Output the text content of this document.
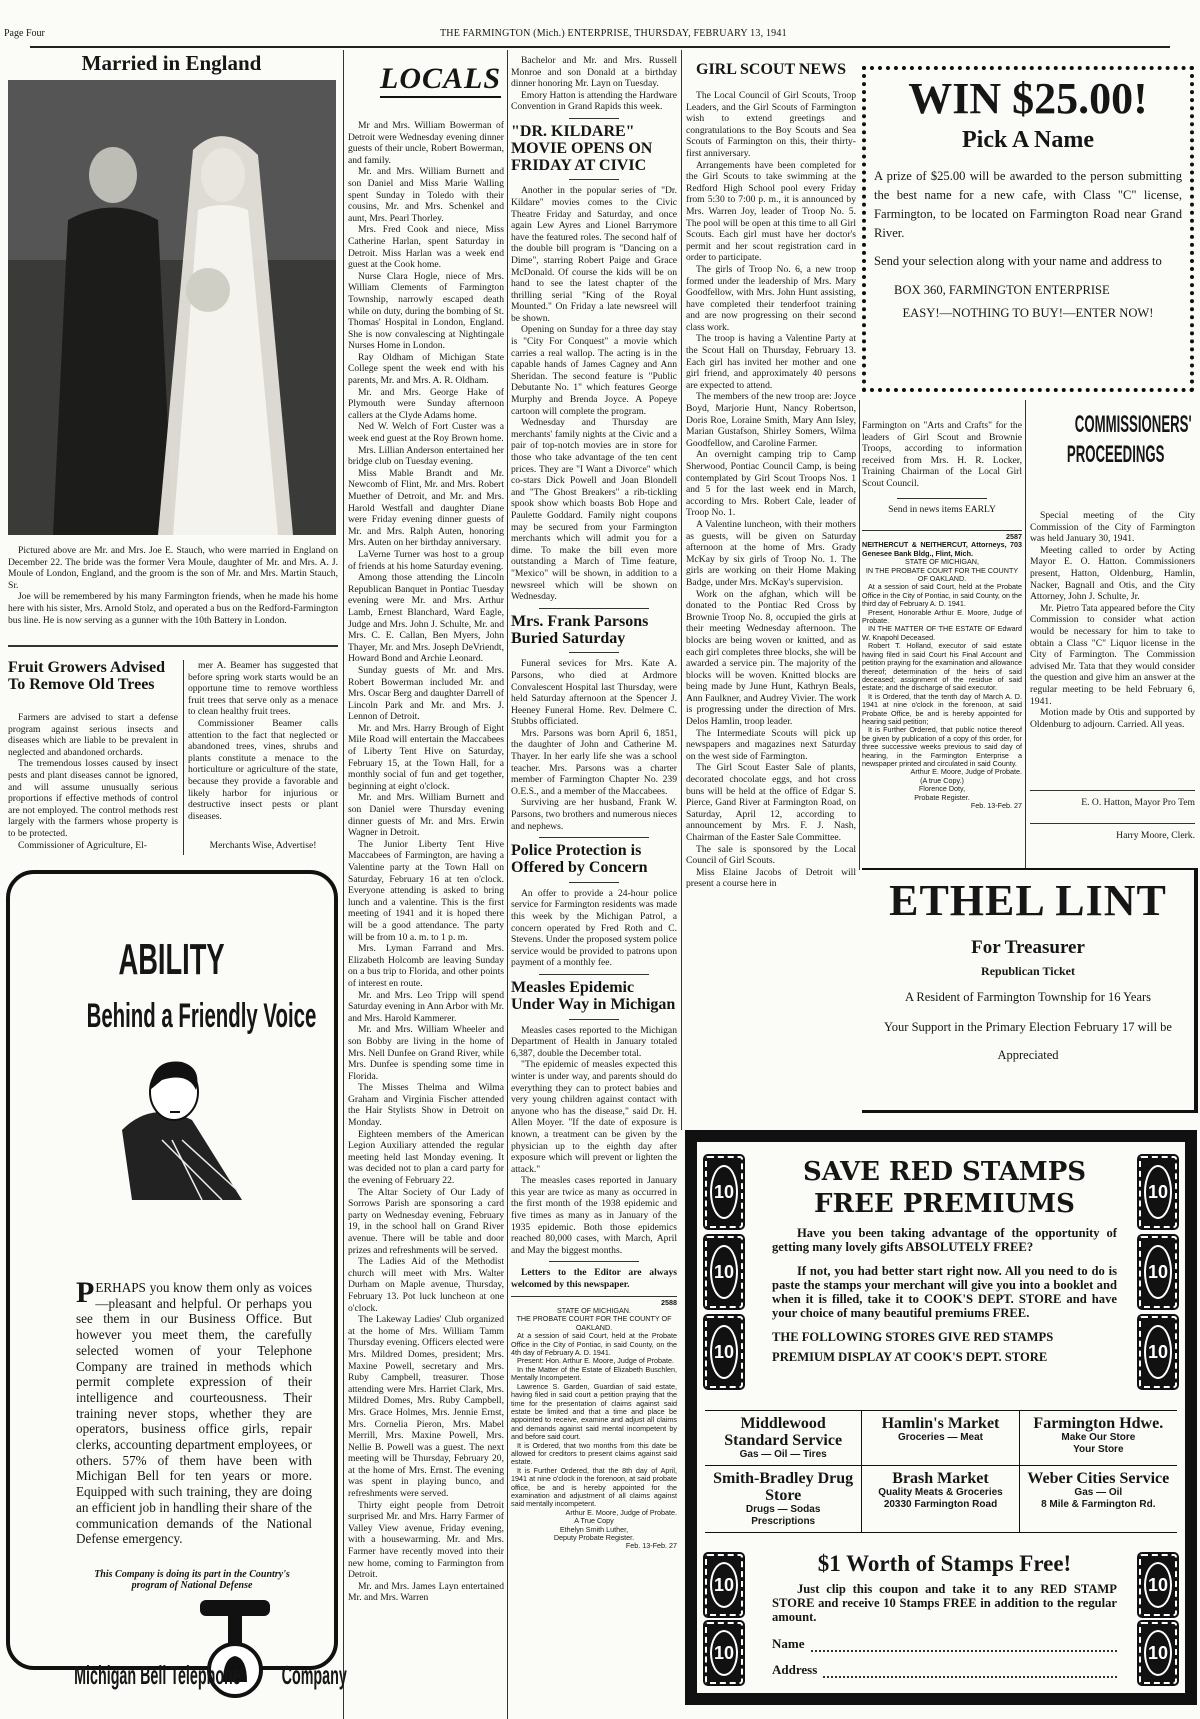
Page Four	THE FARMINGTON (Mich.) ENTERPRISE, THURSDAY, FEBRUARY 13, 1941
Married in England

Pictured above are Mr. and Mrs. Joe E. Stauch, who were married in England on December 22. The bride was the former Vera Moule, daughter of Mr. and Mrs. A. J. Moule of London, England, and the groom is the son of Mr. and Mrs. Martin Stauch, Sr.

Joe will be remembered by his many Farmington friends, when he made his home here with his sister, Mrs. Arnold Stolz, and operated a bus on the Redford-Farmington bus line. He is now serving as a gunner with the 10th Battery in London.

Fruit Growers Advised To Remove Old Trees

Farmers are advised to start a defense program against serious insects and diseases which are liable to be prevalent in neglected and abandoned orchards.

The tremendous losses caused by insect pests and plant diseases cannot be ignored, and will assume unusually serious proportions if effective methods of control are not employed. The control methods rest largely with the farmers whose property is to be protected.

Commissioner of Agriculture, El-

mer A. Beamer has suggested that before spring work starts would be an opportune time to remove worthless fruit trees that serve only as a menace to clean healthy fruit trees.

Commissioner Beamer calls attention to the fact that neglected or abandoned trees, vines, shrubs and plants constitute a menace to the horticulture or agriculture of the state, because they provide a favorable and likely harbor for injurious or destructive insect pests or plant diseases.

Merchants Wise, Advertise!
ABILITY
Behind a Friendly Voice
PERHAPS you know them only as voices —pleasant and helpful. Or perhaps you see them in our Business Office. But however you meet them, the carefully selected women of your Telephone Company are trained in methods which permit complete expression of their intelligence and courteousness. Their training never stops, whether they are operators, business office girls, repair clerks, accounting department employees, or others. 57% of them have been with Michigan Bell for ten years or more. Equipped with such training, they are doing an efficient job in handling their share of the communication demands of the National Defense emergency.
This Company is doing its part in the Country's program of National Defense
Michigan Bell Telephone	Company
LOCALS

Mr and Mrs. William Bowerman of Detroit were Wednesday evening dinner guests of their uncle, Robert Bowerman, and family.

Mr. and Mrs. William Burnett and son Daniel and Miss Marie Walling spent Sunday in Toledo with their cousins, Mr. and Mrs. Schenkel and aunt, Mrs. Pearl Thorley.

Mrs. Fred Cook and niece, Miss Catherine Harlan, spent Saturday in Detroit. Miss Harlan was a week end guest at the Cook home.

Nurse Clara Hogle, niece of Mrs. William Clements of Farmington Township, narrowly escaped death while on duty, during the bombing of St. Thomas' Hospital in London, England. She is now convalescing at Nightingale Nurses Home in London.

Ray Oldham of Michigan State College spent the week end with his parents, Mr. and Mrs. A. R. Oldham.

Mr. and Mrs. George Hake of Plymouth were Sunday afternoon callers at the Clyde Adams home.

Ned W. Welch of Fort Custer was a week end guest at the Roy Brown home.

Mrs. Lillian Anderson entertained her bridge club on Tuesday evening.

Miss Mable Brandt and Mr. Newcomb of Flint, Mr. and Mrs. Robert Muether of Detroit, and Mr. and Mrs. Harold Westfall and daughter Diane were Friday evening dinner guests of Mr. and Mrs. Ralph Auten, honoring Mrs. Auten on her birthday anniversary.

LaVerne Turner was host to a group of friends at his home Saturday evening.

Among those attending the Lincoln Republican Banquet in Pontiac Tuesday evening were Mr. and Mrs. Arthur Lamb, Ernest Blanchard, Ward Eagle, Judge and Mrs. John J. Schulte, Mr. and Mrs. C. E. Callan, Ben Myers, John Thayer, Mr. and Mrs. Joseph DeVriendt, Howard Bond and Archie Leonard.

Sunday guests of Mr. and Mrs. Robert Bowerman included Mr. and Mrs. Oscar Berg and daughter Darrell of Lincoln Park and Mr. and Mrs. J. Lennon of Detroit.

Mr. and Mrs. Harry Brough of Eight Mile Road will entertain the Maccabees of Liberty Tent Hive on Saturday, February 15, at the Town Hall, for a monthly social of fun and get together, beginning at eight o'clock.

Mr. and Mrs. William Burnett and son Daniel were Thursday evening dinner guests of Mr. and Mrs. Erwin Wagner in Detroit.

The Junior Liberty Tent Hive Maccabees of Farmington, are having a Valentine party at the Town Hall on Saturday, February 16 at ten o'clock. Everyone attending is asked to bring lunch and a valentine. This is the first meeting of 1941 and it is hoped there will be a good attendance. The party will be from 10 a. m. to 1 p. m.

Mrs. Lyman Farrand and Mrs. Elizabeth Holcomb are leaving Sunday on a bus trip to Florida, and other points of interest en route.

Mr. and Mrs. Leo Tripp will spend Saturday evening in Ann Arbor with Mr. and Mrs. Harold Kammerer.

Mr. and Mrs. William Wheeler and son Bobby are living in the home of Mrs. Nell Dunfee on Grand River, while Mrs. Dunfee is spending some time in Florida.

The Misses Thelma and Wilma Graham and Virginia Fischer attended the Hair Stylists Show in Detroit on Monday.

Eighteen members of the American Legion Auxiliary attended the regular meeting held last Monday evening. It was decided not to plan a card party for the evening of February 22.

The Altar Society of Our Lady of Sorrows Parish are sponsoring a card party on Wednesday evening, February 19, in the school hall on Grand River avenue. There will be table and door prizes and refreshments will be served.

The Ladies Aid of the Methodist church will meet with Mrs. Walter Durham on Maple avenue, Thursday, February 13. Pot luck luncheon at one o'clock.

The Lakeway Ladies' Club organized at the home of Mrs. William Tamm Thursday evening. Officers elected were Mrs. Mildred Domes, president; Mrs. Maxine Powell, secretary and Mrs. Ruby Campbell, treasurer. Those attending were Mrs. Harriet Clark, Mrs. Mildred Domes, Mrs. Ruby Campbell, Mrs. Grace Holmes, Mrs. Jennie Ernst, Mrs. Cornelia Pieron, Mrs. Mabel Merrill, Mrs. Maxine Powell, Mrs. Nellie B. Powell was a guest. The next meeting will be Thursday, February 20, at the home of Mrs. Ernst. The evening was spent in playing bunco, and refreshments were served.

Thirty eight people from Detroit surprised Mr. and Mrs. Harry Farmer of Valley View avenue, Friday evening, with a housewarming. Mr. and Mrs. Farmer have recently moved into their new home, coming to Farmington from Detroit.

Mr. and Mrs. James Layn entertained Mr. and Mrs. Warren

Bachelor and Mr. and Mrs. Russell Monroe and son Donald at a birthday dinner honoring Mr. Layn on Tuesday.

Emory Hatton is attending the Hardware Convention in Grand Rapids this week.

"DR. KILDARE" MOVIE OPENS ON FRIDAY AT CIVIC

Another in the popular series of "Dr. Kildare" movies comes to the Civic Theatre Friday and Saturday, and once again Lew Ayres and Lionel Barrymore have the featured roles. The second half of the double bill program is "Dancing on a Dime", starring Robert Paige and Grace McDonald. Of course the kids will be on hand to see the latest chapter of the thrilling serial "King of the Royal Mounted." On Friday a late newsreel will be shown.

Opening on Sunday for a three day stay is "City For Conquest" a movie which carries a real wallop. The acting is in the capable hands of James Cagney and Ann Sheridan. The second feature is "Public Debutante No. 1" which features George Murphy and Brenda Joyce. A Popeye cartoon will complete the program.

Wednesday and Thursday are merchants' family nights at the Civic and a pair of top-notch movies are in store for those who take advantage of the ten cent prices. They are "I Want a Divorce" which co-stars Dick Powell and Joan Blondell and "The Ghost Breakers" a rib-tickling spook show which boasts Bob Hope and Paulette Goddard. Family night coupons may be secured from your Farmington merchants which will admit you for a dime. To make the bill even more outstanding a March of Time feature, "Mexico" will be shown, in addition to a newsreel which will be shown on Wednesday.

Mrs. Frank Parsons Buried Saturday

Funeral sevices for Mrs. Kate A. Parsons, who died at Ardmore Convalescent Hospital last Thursday, were held Saturday afternoon at the Spencer J. Heeney Funeral Home. Rev. Delmere C. Stubbs officiated.

Mrs. Parsons was born April 6, 1851, the daughter of John and Catherine M. Thayer. In her early life she was a school teacher. Mrs. Parsons was a charter member of Farmington Chapter No. 239 O.E.S., and a member of the Maccabees.

Surviving are her husband, Frank W. Parsons, two brothers and numerous nieces and nephews.

Police Protection is Offered by Concern

An offer to provide a 24-hour police service for Farmington residents was made this week by the Michigan Patrol, a concern operated by Fred Roth and C. Stevens. Under the proposed system police service would be provided to patrons upon payment of a monthly fee.

Measles Epidemic Under Way in Michigan

Measles cases reported to the Michigan Department of Health in January totaled 6,387, double the December total.

"The epidemic of measles expected this winter is under way, and parents should do everything they can to protect babies and very young children against contact with anyone who has the disease," said Dr. H. Allen Moyer. "If the date of exposure is known, a treatment can be given by the physician up to the eighth day after exposure which will prevent or lighten the attack."

The measles cases reported in January this year are twice as many as occurred in the first month of the 1938 epidemic and five times as many as in January of the 1935 epidemic. Both those epidemics reached 80,000 cases, with March, April and May the biggest months.

Letters to the Editor are always welcomed by this newspaper.

2588

STATE OF MICHIGAN.

THE PROBATE COURT FOR THE COUNTY OF OAKLAND.

At a session of said Court, held at the Probate Office in the City of Pontiac, in said County, on the 4th day of February A. D. 1941.

Present: Hon. Arthur E. Moore, Judge of Probate.

In the Matter of the Estate of Elizabeth Buschlen, Mentally Incompetent.

Lawrence S. Garden, Guardian of said estate, having filed in said court a petition praying that the time for the presentation of claims against said estate be limited and that a time and place be appointed to receive, examine and adjust all claims and demands against said mental incompetent by and before said court.

It is Ordered, that two months from this date be allowed for creditors to present claims against said estate.

It is Further Ordered, that the 8th day of April, 1941 at nine o'clock in the forenoon, at said probate office, be and is hereby appointed for the examination and adjustment of all claims against said mentally incompetent.

Arthur E. Moore, Judge of Probate.

A True Copy

Ethelyn Smith Luther,

Deputy Probate Register.

Feb. 13-Feb. 27

GIRL SCOUT NEWS

The Local Council of Girl Scouts, Troop Leaders, and the Girl Scouts of Farmington wish to extend greetings and congratulations to the Boy Scouts and Sea Scouts of Farmington on this, their thirty-first anniversary.

Arrangements have been completed for the Girl Scouts to take swimming at the Redford High School pool every Friday from 5:30 to 7:00 p. m., it is announced by Mrs. Warren Joy, leader of Troop No. 5. The pool will be open at this time to all Girl Scouts. Each girl must have her doctor's permit and her scout registration card in order to participate.

The girls of Troop No. 6, a new troop formed under the leadership of Mrs. Mary Goodfellow, with Mrs. John Hunt assisting, have completed their tenderfoot training and are now progressing on their second class work.

The troop is having a Valentine Party at the Scout Hall on Thursday, February 13. Each girl has invited her mother and one girl friend, and approximately 40 persons are expected to attend.

The members of the new troop are: Joyce Boyd, Marjorie Hunt, Nancy Robertson, Doris Roe, Loraine Smith, Mary Ann Isley, Marian Gustafson, Shirley Somers, Wilma Goodfellow, and Caroline Farmer.

An overnight camping trip to Camp Sherwood, Pontiac Council Camp, is being contemplated by Girl Scout Troops Nos. 1 and 5 for the last week end in March, according to Mrs. Robert Cale, leader of Troop No. 1.

A Valentine luncheon, with their mothers as guests, will be given on Saturday afternoon at the home of Mrs. Grady McKay by six girls of Troop No. 1. The girls are working on their Home Making Badge, under Mrs. McKay's supervision.

Work on the afghan, which will be donated to the Pontiac Red Cross by Brownie Troop No. 8, occupied the girls at their meeting Wednesday afternoon. The blocks are being woven or knitted, and as each girl completes three blocks, she will be awarded a service pin. The majority of the blocks will be woven. Knitted blocks are being made by June Hunt, Kathryn Beals, Ann Faulkner, and Audrey Vivier. The work is progressing under the direction of Mrs. Delos Hamlin, troop leader.

The Intermediate Scouts will pick up newspapers and magazines next Saturday on the west side of Farmington.

The Girl Scout Easter Sale of plants, decorated chocolate eggs, and hot cross buns will be held at the office of Edgar S. Pierce, Gand River at Farmington Road, on Saturday, April 12, according to announcement by Mrs. F. J. Nash, Chairman of the Easter Sale Committee.

The sale is sponsored by the Local Council of Girl Scouts.

Miss Elaine Jacobs of Detroit will present a course here in

WIN $25.00!
Pick A Name
A prize of $25.00 will be awarded to the person submitting the best name for a new cafe, with Class "C" license, Farmington, to be located on Farmington Road near Grand River.
Send your selection along with your name and address to
BOX 360, FARMINGTON ENTERPRISE
EASY!—NOTHING TO BUY!—ENTER NOW!

Farmington on "Arts and Crafts" for the leaders of Girl Scout and Brownie Troops, according to information received from Mrs. H. R. Locker, Training Chairman of the Local Girl Scout Council.

Send in news items EARLY

2587

NEITHERCUT & NEITHERCUT, Attorneys, 703 Genesee Bank Bldg., Flint, Mich.

STATE OF MICHIGAN,

IN THE PROBATE COURT FOR THE COUNTY OF OAKLAND.

At a session of said Court, held at the Probate Office in the City of Pontiac, in said County, on the third day of February A. D. 1941.

Present, Honorable Arthur E. Moore, Judge of Probate.

IN THE MATTER OF THE ESTATE OF Edward W. Knapohl Deceased.

Robert T. Holland, executor of said estate having filed in said Court his Final Account and petition praying for the examination and allowance thereof; determination of the heirs of said deceased; assignment of the residue of said estate; and the discharge of said executor.

It is Ordered, that the tenth day of March A. D. 1941 at nine o'clock in the forenoon, at said Probate Office, be and is hereby appointed for hearing said petition;

It is Further Ordered, that public notice thereof be given by publication of a copy of this order, for three successive weeks previous to said day of hearing, in the Farmington Enterprise a newspaper printed and circulated in said County.

Arthur E. Moore, Judge of Probate.

(A true Copy.)

Florence Doty,

Probate Register.

Feb. 13-Feb. 27

COMMISSIONERS'
PROCEEDINGS

Special meeting of the City Commission of the City of Farmington was held January 30, 1941.

Meeting called to order by Acting Mayor E. O. Hatton. Commissioners present, Hatton, Oldenburg, Hamlin, Nacker, Bagnall and Otis, and the City Attorney, John J. Schulte, Jr.

Mr. Pietro Tata appeared before the City Commission to consider what action would be necessary for him to take to obtain a Class "C" Liquor license in the City of Farmington. The Commission advised Mr. Tata that they would consider the question and give him an answer at the regular meeting to be held February 6, 1941.

Motion made by Otis and supported by Oldenburg to adjourn. Carried. All yeas.

E. O. Hatton, Mayor Pro Tem
Harry Moore, Clerk.
ETHEL LINT
For Treasurer
Republican Ticket
A Resident of Farmington Township for 16 Years
Your Support in the Primary Election February 17 will be Appreciated
10
10
10
10
10
10
SAVE RED STAMPS
FREE PREMIUMS

Have you been taking advantage of the opportunity of getting many lovely gifts ABSOLUTELY FREE?

If not, you had better start right now. All you need to do is paste the stamps your merchant will give you into a booklet and when it is filled, take it to COOK'S DEPT. STORE and have your choice of many beautiful premiums FREE.

THE FOLLOWING STORES GIVE RED STAMPS

PREMIUM DISPLAY AT COOK'S DEPT. STORE

Middlewood Standard Service
Gas — Oil — Tires
Hamlin's Market
Groceries — Meat
Farmington Hdwe.
Make Our Store
Your Store
Smith-Bradley Drug Store
Drugs — Sodas
Prescriptions
Brash Market
Quality Meats & Groceries
20330 Farmington Road
Weber Cities Service
Gas — Oil
8 Mile & Farmington Rd.
10
10
10
10
$1 Worth of Stamps Free!
Just clip this coupon and take it to any RED STAMP STORE and receive 10 Stamps FREE in addition to the regular amount.
Name
Address
